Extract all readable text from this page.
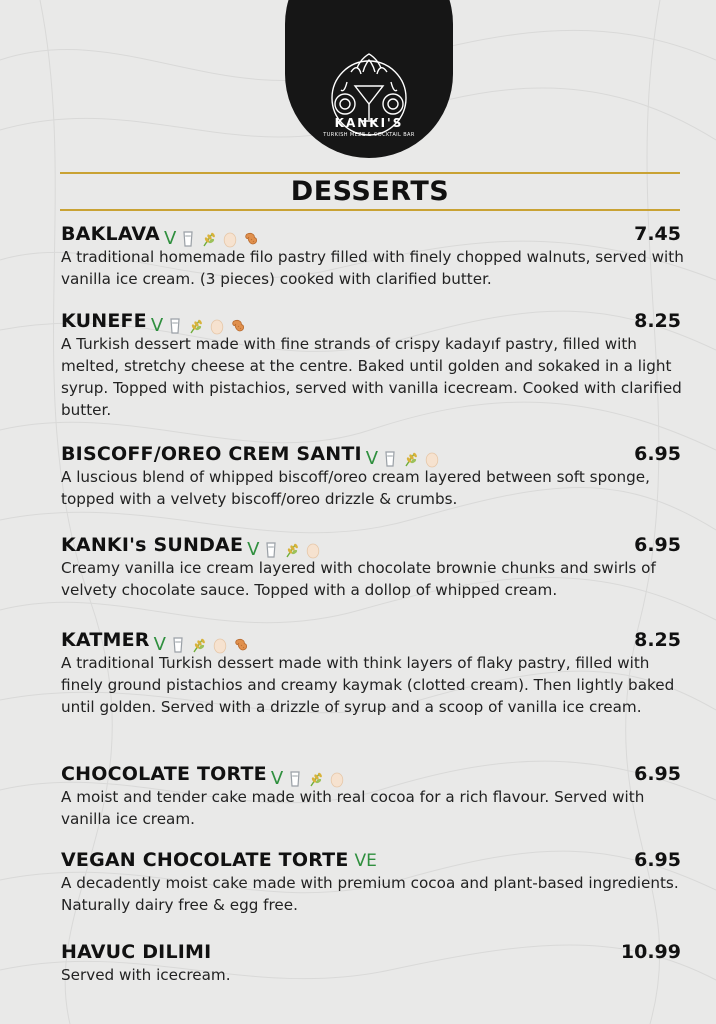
KANKI'S
TURKISH MEZE & COCKTAIL BAR
DESSERTS
BAKLAVA V	7.45

A traditional homemade filo pastry filled with finely chopped walnuts, served with vanilla ice cream. (3 pieces) cooked with clarified butter.

KUNEFE V	8.25

A Turkish dessert made with fine strands of crispy kadayıf pastry, filled with melted, stretchy cheese at the centre. Baked until golden and sokaked in a light syrup. Topped with pistachios, served with vanilla icecream. Cooked with clarified butter.

BISCOFF/OREO CREM SANTI V	6.95

A luscious blend of whipped biscoff/oreo cream layered between soft sponge, topped with a velvety biscoff/oreo drizzle & crumbs.

KANKI's SUNDAE V	6.95

Creamy vanilla ice cream layered with chocolate brownie chunks and swirls of velvety chocolate sauce. Topped with a dollop of whipped cream.

KATMER V	8.25

A traditional Turkish dessert made with think layers of flaky pastry, filled with finely ground pistachios and creamy kaymak (clotted cream). Then lightly baked until golden. Served with a drizzle of syrup and a scoop of vanilla ice cream.

CHOCOLATE TORTE V	6.95

A moist and tender cake made with real cocoa for a rich flavour. Served with vanilla ice cream.

VEGAN CHOCOLATE TORTE VE	6.95

A decadently moist cake made with premium cocoa and plant-based ingredients. Naturally dairy free & egg free.

HAVUC DILIMI	10.99

Served with icecream.
